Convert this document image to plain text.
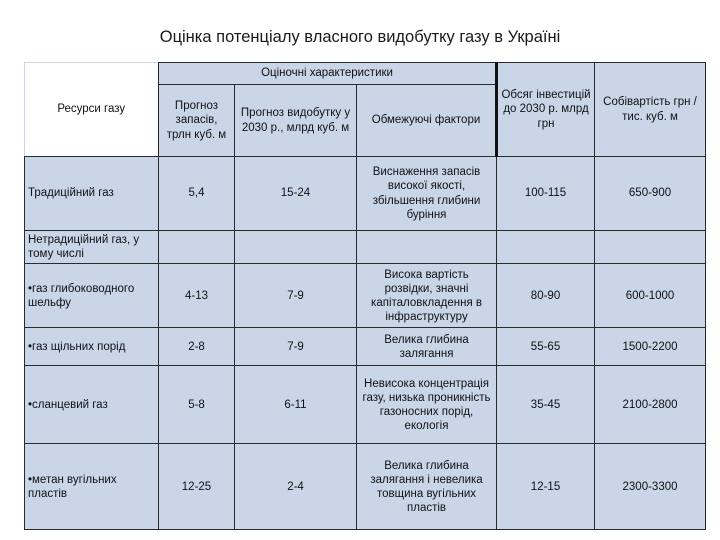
Оцінка потенціалу власного видобутку газу в Україні
Ресурси газу	Оціночні характеристики			Обсяг інвестицій до 2030 р. млрд грн	Собівартість грн / тис. куб. м
	Прогноз запасів, трлн куб. м	Прогноз видобутку у 2030 р., млрд куб. м	Обмежуючі фактори		
Традиційний газ	5,4	15-24	Виснаження запасів високої якості, збільшення глибини буріння	100-115	650-900
Нетрадиційний газ, у тому числі					
•газ глибоководного шельфу	4-13	7-9	Висока вартість розвідки, значні капіталовкладення в інфраструктуру	80-90	600-1000
•газ щільних порід	2-8	7-9	Велика глибина залягання	55-65	1500-2200
•сланцевий газ	5-8	6-11	Невисока концентрація газу, низька проникність газоносних порід, екологія	35-45	2100-2800
•метан вугільних пластів	12-25	2-4	Велика глибина залягання і невелика товщина вугільних пластів	12-15	2300-3300
